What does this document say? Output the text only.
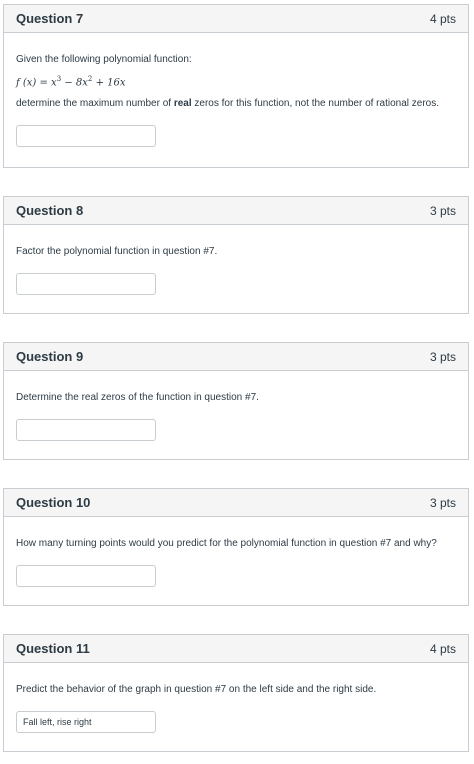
Question 7	4 pts

Given the following polynomial function:

f $(x) = x^3 - 8x^2 + 16x$

determine the maximum number of real zeros for this function, not the number of rational zeros.

Question 8	3 pts

Factor the polynomial function in question #7.

Question 9	3 pts

Determine the real zeros of the function in question #7.

Question 10	3 pts

How many turning points would you predict for the polynomial function in question #7 and why?

Question 11	4 pts

Predict the behavior of the graph in question #7 on the left side and the right side.

Fall left, rise right
